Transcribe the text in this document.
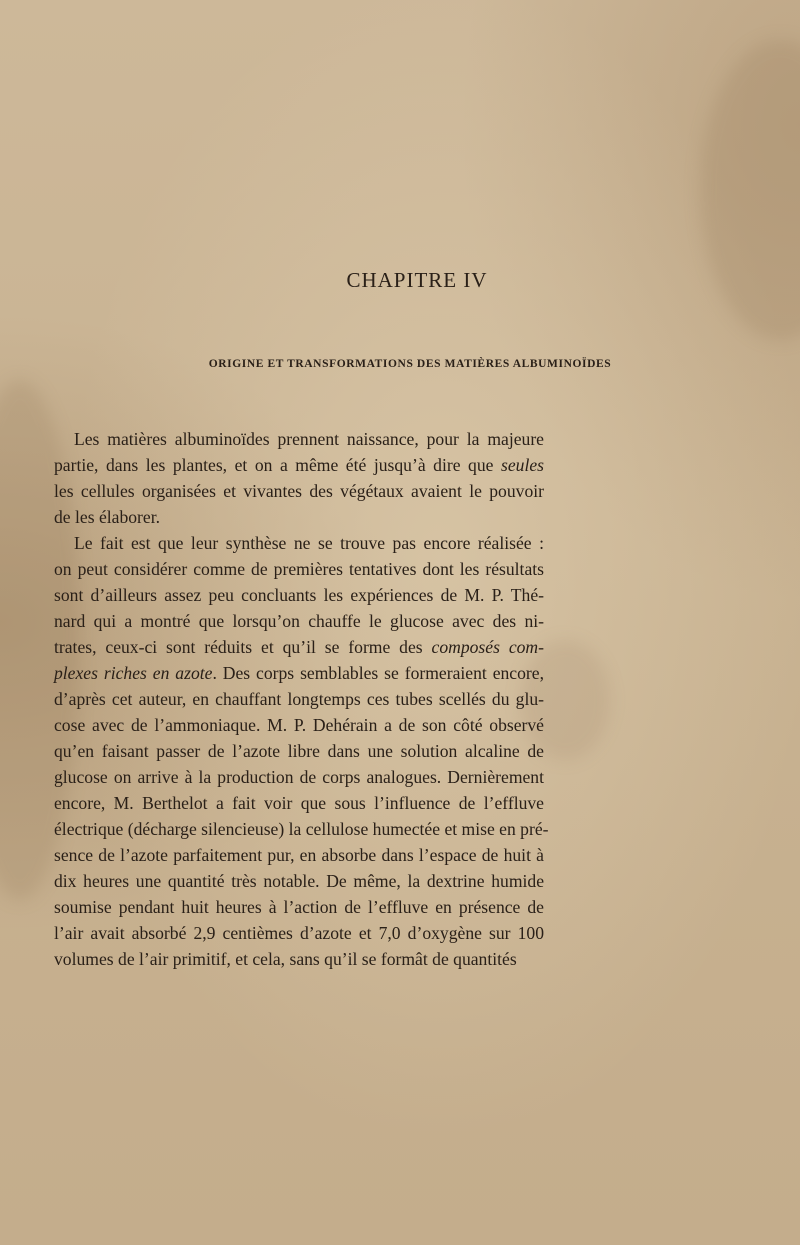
CHAPITRE IV
ORIGINE ET TRANSFORMATIONS DES MATIÈRES ALBUMINOÏDES
Les matières albuminoïdes prennent naissance, pour la majeure
partie, dans les plantes, et on a même été jusqu’à dire que seules
les cellules organisées et vivantes des végétaux avaient le pouvoir
de les élaborer.
Le fait est que leur synthèse ne se trouve pas encore réalisée :
on peut considérer comme de premières tentatives dont les résultats
sont d’ailleurs assez peu concluants les expériences de M. P. Thé-
nard qui a montré que lorsqu’on chauffe le glucose avec des ni-
trates, ceux-ci sont réduits et qu’il se forme des composés com-
plexes riches en azote. Des corps semblables se formeraient encore,
d’après cet auteur, en chauffant longtemps ces tubes scellés du glu-
cose avec de l’ammoniaque. M. P. Dehérain a de son côté observé
qu’en faisant passer de l’azote libre dans une solution alcaline de
glucose on arrive à la production de corps analogues. Dernièrement
encore, M. Berthelot a fait voir que sous l’influence de l’effluve
électrique (décharge silencieuse) la cellulose humectée et mise en pré-
sence de l’azote parfaitement pur, en absorbe dans l’espace de huit à
dix heures une quantité très notable. De même, la dextrine humide
soumise pendant huit heures à l’action de l’effluve en présence de
l’air avait absorbé 2,9 centièmes d’azote et 7,0 d’oxygène sur 100
volumes de l’air primitif, et cela, sans qu’il se formât de quantités
